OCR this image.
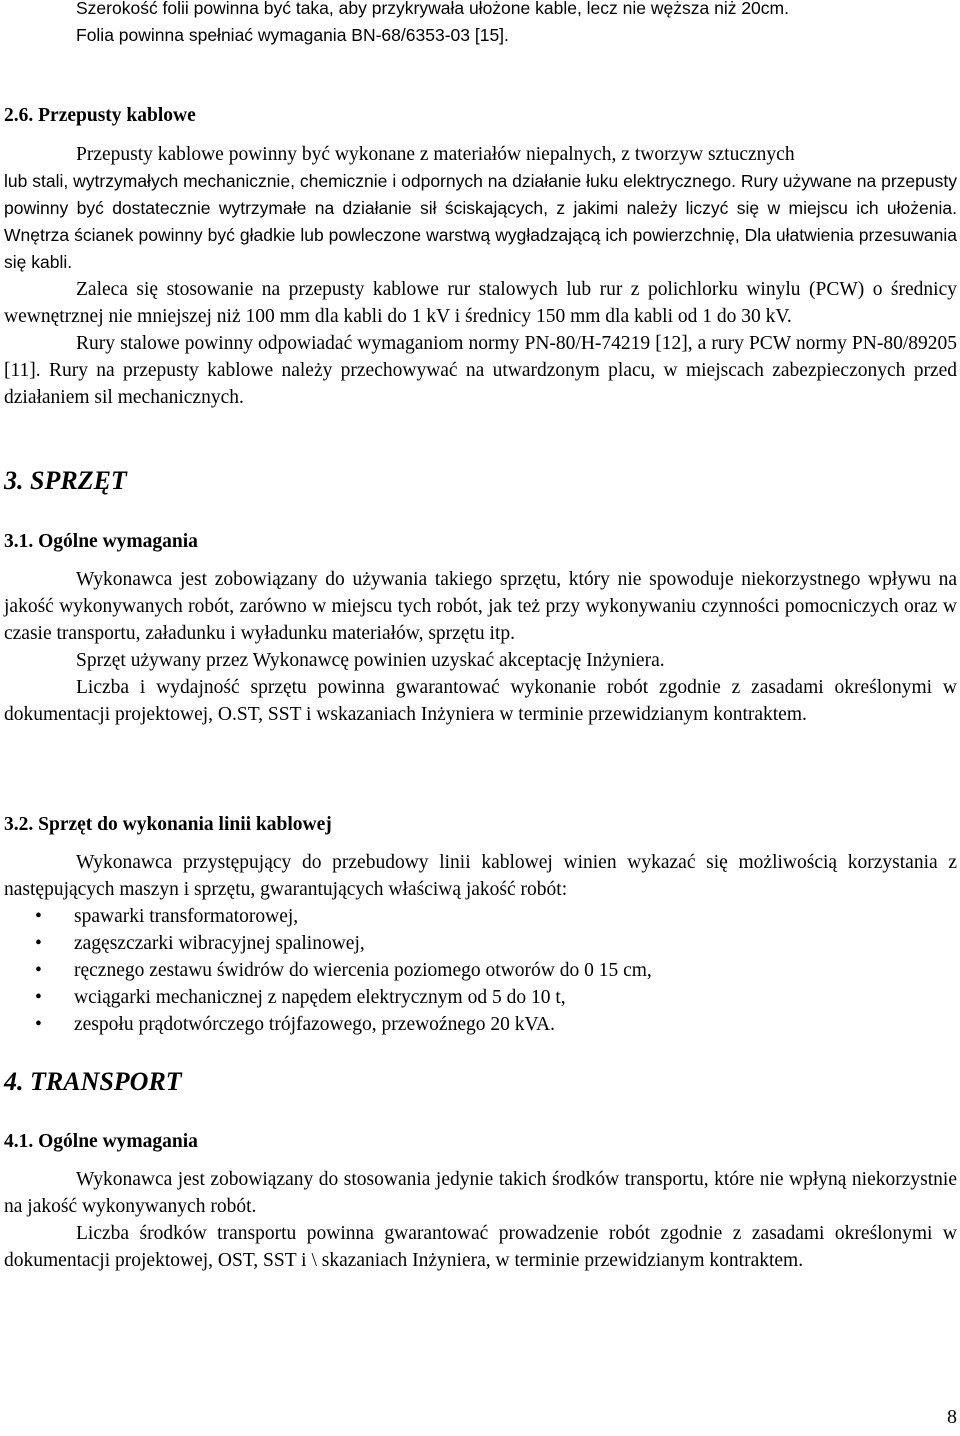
Szerokość folii powinna być taka, aby przykrywała ułożone kable, lecz nie węższa niż 20cm.

Folia powinna spełniać wymagania BN-68/6353-03 [15].

2.6. Przepusty kablowe

Przepusty kablowe powinny być wykonane z materiałów niepalnych, z tworzyw sztucznych

lub stali, wytrzymałych mechanicznie, chemicznie i odpornych na działanie łuku elektrycznego. Rury używane na przepusty powinny być dostatecznie wytrzymałe na działanie sił ściskających, z jakimi należy liczyć się w miejscu ich ułożenia. Wnętrza ścianek powinny być gładkie lub powleczone warstwą wygładzającą ich powierzchnię, Dla ułatwienia przesuwania się kabli.

Zaleca się stosowanie na przepusty kablowe rur stalowych lub rur z polichlorku winylu (PCW) o średnicy wewnętrznej nie mniejszej niż 100 mm dla kabli do 1 kV i średnicy 150 mm dla kabli od 1 do 30 kV.

Rury stalowe powinny odpowiadać wymaganiom normy PN-80/H-74219 [12], a rury PCW normy PN-80/89205 [11]. Rury na przepusty kablowe należy przechowywać na utwardzonym placu, w miejscach zabezpieczonych przed działaniem sil mechanicznych.

3. SPRZĘT
3.1. Ogólne wymagania

Wykonawca jest zobowiązany do używania takiego sprzętu, który nie spowoduje niekorzystnego wpływu na jakość wykonywanych robót, zarówno w miejscu tych robót, jak też przy wykonywaniu czynności pomocniczych oraz w czasie transportu, załadunku i wyładunku materiałów, sprzętu itp.

Sprzęt używany przez Wykonawcę powinien uzyskać akceptację Inżyniera.

Liczba i wydajność sprzętu powinna gwarantować wykonanie robót zgodnie z zasadami określonymi w dokumentacji projektowej, O.ST, SST i wskazaniach Inżyniera w terminie przewidzianym kontraktem.

3.2. Sprzęt do wykonania linii kablowej

Wykonawca przystępujący do przebudowy linii kablowej winien wykazać się możliwością korzystania z następujących maszyn i sprzętu, gwarantujących właściwą jakość robót:

• spawarki transformatorowej,
• zagęszczarki wibracyjnej spalinowej,
• ręcznego zestawu świdrów do wiercenia poziomego otworów do 0 15 cm,
• wciągarki mechanicznej z napędem elektrycznym od 5 do 10 t,
• zespołu prądotwórczego trójfazowego, przewoźnego 20 kVA.
4. TRANSPORT
4.1. Ogólne wymagania

Wykonawca jest zobowiązany do stosowania jedynie takich środków transportu, które nie wpłyną niekorzystnie na jakość wykonywanych robót.

Liczba środków transportu powinna gwarantować prowadzenie robót zgodnie z zasadami określonymi w dokumentacji projektowej, OST, SST i \ skazaniach Inżyniera, w terminie przewidzianym kontraktem.

8
